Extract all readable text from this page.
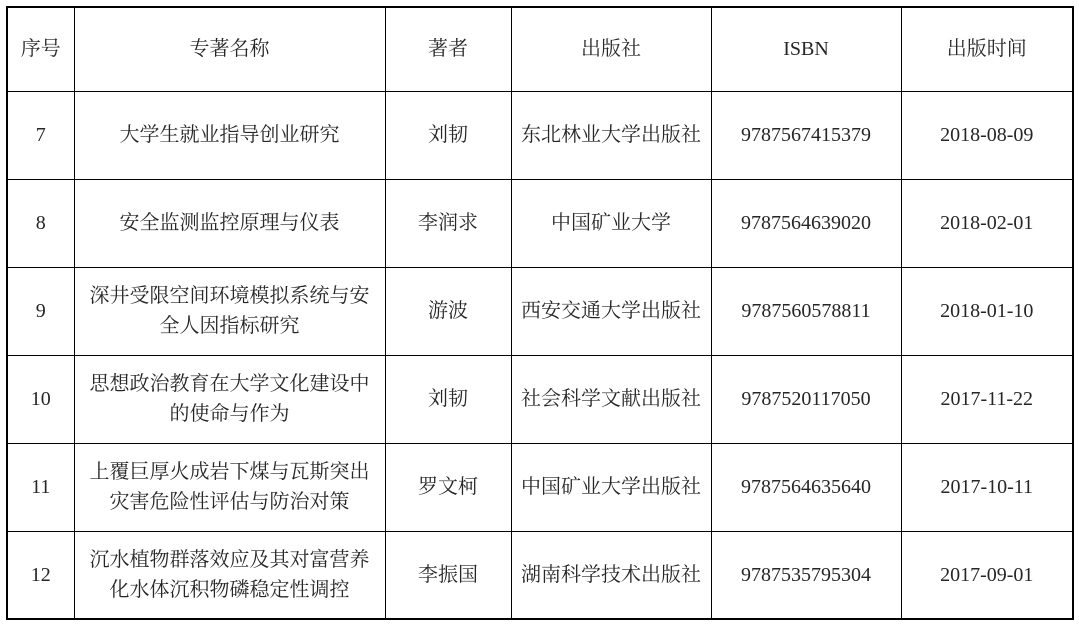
序号	专著名称	著者	出版社	ISBN	出版时间
7	大学生就业指导创业研究	刘韧	东北林业大学出版社	9787567415379	2018-08-09
8	安全监测监控原理与仪表	李润求	中国矿业大学	9787564639020	2018-02-01
9	深井受限空间环境模拟系统与安全人因指标研究	游波	西安交通大学出版社	9787560578811	2018-01-10
10	思想政治教育在大学文化建设中的使命与作为	刘韧	社会科学文献出版社	9787520117050	2017-11-22
11	上覆巨厚火成岩下煤与瓦斯突出灾害危险性评估与防治对策	罗文柯	中国矿业大学出版社	9787564635640	2017-10-11
12	沉水植物群落效应及其对富营养化水体沉积物磷稳定性调控	李振国	湖南科学技术出版社	9787535795304	2017-09-01
